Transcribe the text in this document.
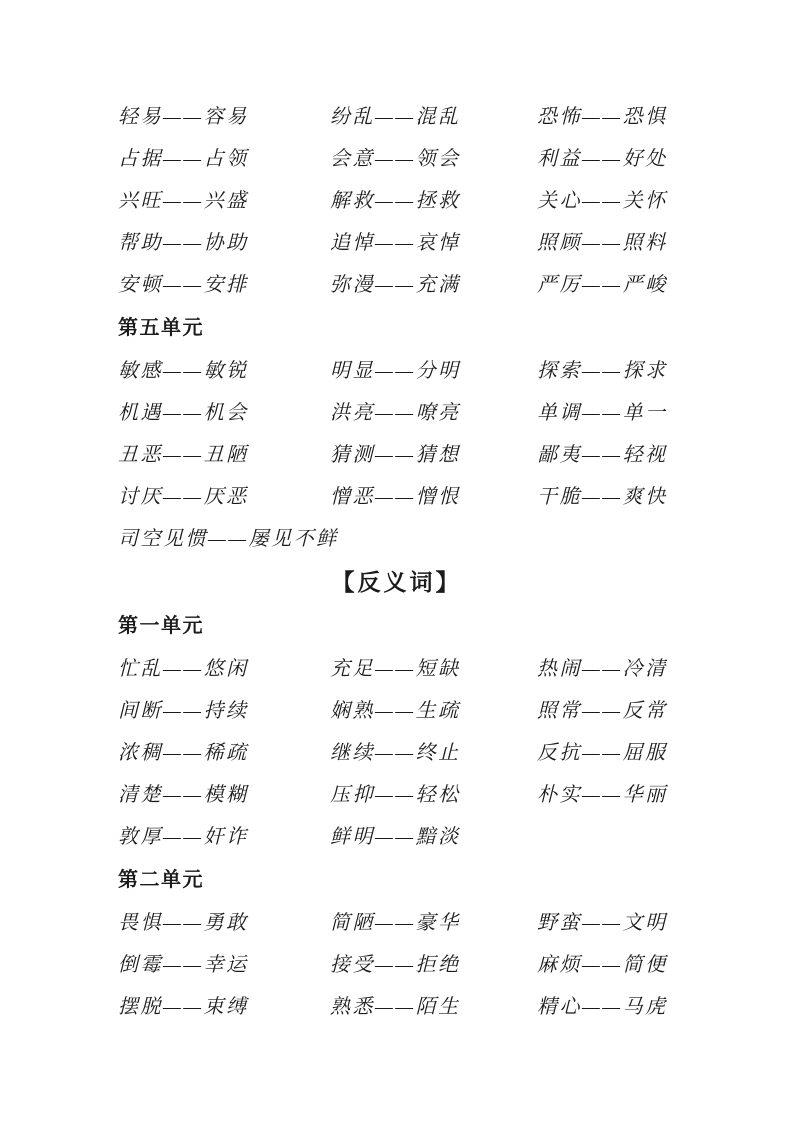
轻易——容易	纷乱——混乱	恐怖——恐惧
占据——占领	会意——领会	利益——好处
兴旺——兴盛	解救——拯救	关心——关怀
帮助——协助	追悼——哀悼	照顾——照料
安顿——安排	弥漫——充满	严厉——严峻
第五单元
敏感——敏锐	明显——分明	探索——探求
机遇——机会	洪亮——嘹亮	单调——单一
丑恶——丑陋	猜测——猜想	鄙夷——轻视
讨厌——厌恶	憎恶——憎恨	干脆——爽快
司空见惯——屡见不鲜
【反义词】
第一单元
忙乱——悠闲	充足——短缺	热闹——冷清
间断——持续	娴熟——生疏	照常——反常
浓稠——稀疏	继续——终止	反抗——屈服
清楚——模糊	压抑——轻松	朴实——华丽
敦厚——奸诈	鲜明——黯淡
第二单元
畏惧——勇敢	简陋——豪华	野蛮——文明
倒霉——幸运	接受——拒绝	麻烦——简便
摆脱——束缚	熟悉——陌生	精心——马虎
